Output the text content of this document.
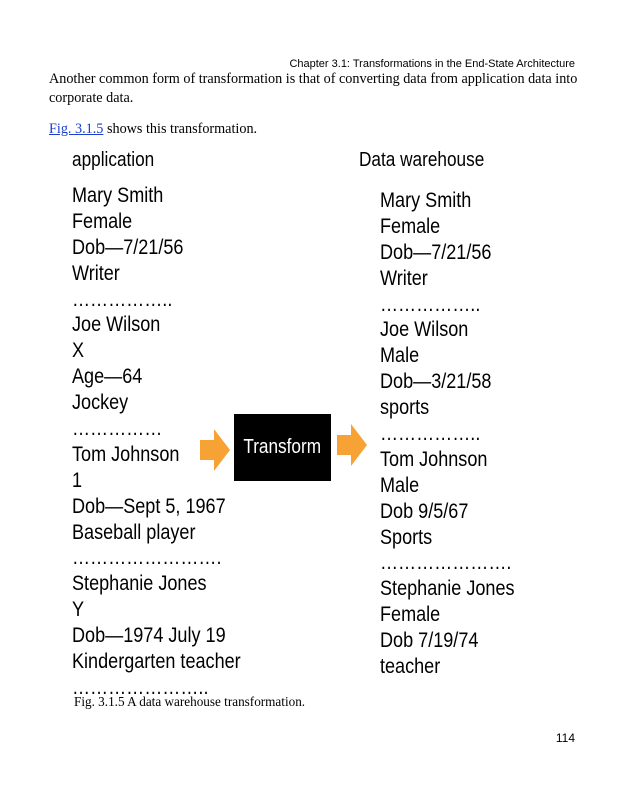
Chapter 3.1: Transformations in the End-State Architecture

Another common form of transformation is that of converting data from application data into corporate data.

Fig. 3.1.5 shows this transformation.

application
Mary Smith
Female
Dob—7/21/56
Writer
……………..
Joe Wilson
X
Age—64
Jockey
……………
Tom Johnson
1
Dob—Sept 5, 1967
Baseball player
…………………….
Stephanie Jones
Y
Dob—1974 July 19
Kindergarten teacher
…………………..
Data warehouse
Mary Smith
Female
Dob—7/21/56
Writer
……………..
Joe Wilson
Male
Dob—3/21/58
sports
……………..
Tom Johnson
Male
Dob 9/5/67
Sports
………………….
Stephanie Jones
Female
Dob 7/19/74
teacher
Transform
Fig. 3.1.5 A data warehouse transformation.
114
